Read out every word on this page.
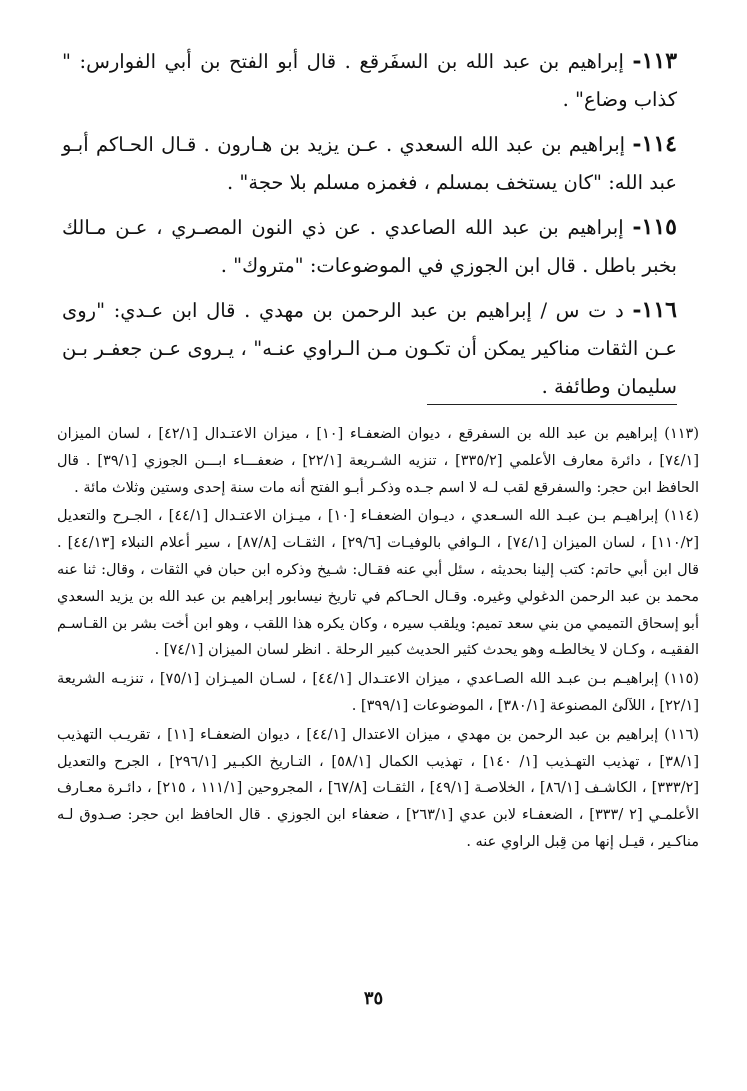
١١٣- إبراهيم بن عبد الله بن السفَرقع . قال أبو الفتح بن أبي الفوارس: " كذاب وضاع" .

١١٤- إبراهيم بن عبد الله السعدي . عـن يزيد بن هـارون . قـال الحـاكم أبـو عبد الله: "كان يستخف بمسلم ، فغمزه مسلم بلا حجة" .

١١٥- إبراهيم بن عبد الله الصاعدي . عن ذي النون المصـري ، عـن مـالك بخبر باطل . قال ابن الجوزي في الموضوعات: "متروك" .

١١٦- د ت س / إبراهيم بن عبد الرحمن بن مهدي . قال ابن عـدي: "روى عـن الثقات مناكير يمكن أن تكـون مـن الـراوي عنـه" ، يـروى عـن جعفـر بـن سليمان وطائفة .

(١١٣) إبراهيم بن عبد الله بن السفرقع ، ديوان الضعفـاء [١٠] ، ميزان الاعتـدال [٤٢/١] ، لسان الميزان [٧٤/١] ، دائرة معارف الأعلمي [٣٣٥/٢] ، تنزيه الشـريعة [٢٢/١] ، ضعفـــاء ابـــن الجوزي [٣٩/١] . قال الحافظ ابن حجر: والسفرقع لقب لـه لا اسم جـده وذكـر أبـو الفتح أنه مات سنة إحدى وستين وثلاث مائة .

(١١٤) إبراهيـم بـن عبـد الله السـعدي ، ديـوان الضعفـاء [١٠] ، ميـزان الاعتـدال [٤٤/١] ، الجـرح والتعديل [١١٠/٢] ، لسان الميزان [٧٤/١] ، الـوافي بالوفيـات [٢٩/٦] ، الثقـات [٨٧/٨] ، سير أعلام النبلاء [٤٤/١٣] . قال ابن أبي حاتم: كتب إلينا بحديثه ، سئل أبي عنه فقـال: شـيخ وذكره ابن حبان في الثقات ، وقال: ثنا عنه محمد بن عبد الرحمن الدغولي وغيره. وقـال الحـاكم في تاريخ نيسابور إبراهيم بن عبد الله بن يزيد السعدي أبو إسحاق التميمي من بني سعد تميم: ويلقب سيره ، وكان يكره هذا اللقب ، وهو ابن أخت بشر بن القـاسـم الفقيـه ، وكـان لا يخالطـه وهو يحدث كثير الحديث كبير الرحلة . انظر لسان الميزان [٧٤/١] .

(١١٥) إبراهيـم بـن عبـد الله الصـاعدي ، ميزان الاعتـدال [٤٤/١] ، لسـان الميـزان [٧٥/١] ، تنزيـه الشريعة [٢٢/١] ، اللآلئ المصنوعة [٣٨٠/١] ، الموضوعات [٣٩٩/١] .

(١١٦) إبراهيم بن عبد الرحمن بن مهدي ، ميزان الاعتدال [٤٤/١] ، ديوان الضعفـاء [١١] ، تقريـب التهذيب [٣٨/١] ، تهذيب التهـذيب [١/ ١٤٠] ، تهذيب الكمال [٥٨/١] ، التـاريخ الكبـير [٢٩٦/١] ، الجرح والتعديل [٣٣٣/٢] ، الكاشـف [٨٦/١] ، الخلاصـة [٤٩/١] ، الثقـات [٦٧/٨] ، المجروحين [١١١/١ ، ٢١٥] ، دائـرة معـارف الأعلمـي [٢ /٣٣٣] ، الضعفـاء لابن عدي [٢٦٣/١] ، ضعفاء ابن الجوزي . قال الحافظ ابن حجر: صـدوق لـه مناكـير ، قيـل إنها من قِبل الراوي عنه .

٣٥
